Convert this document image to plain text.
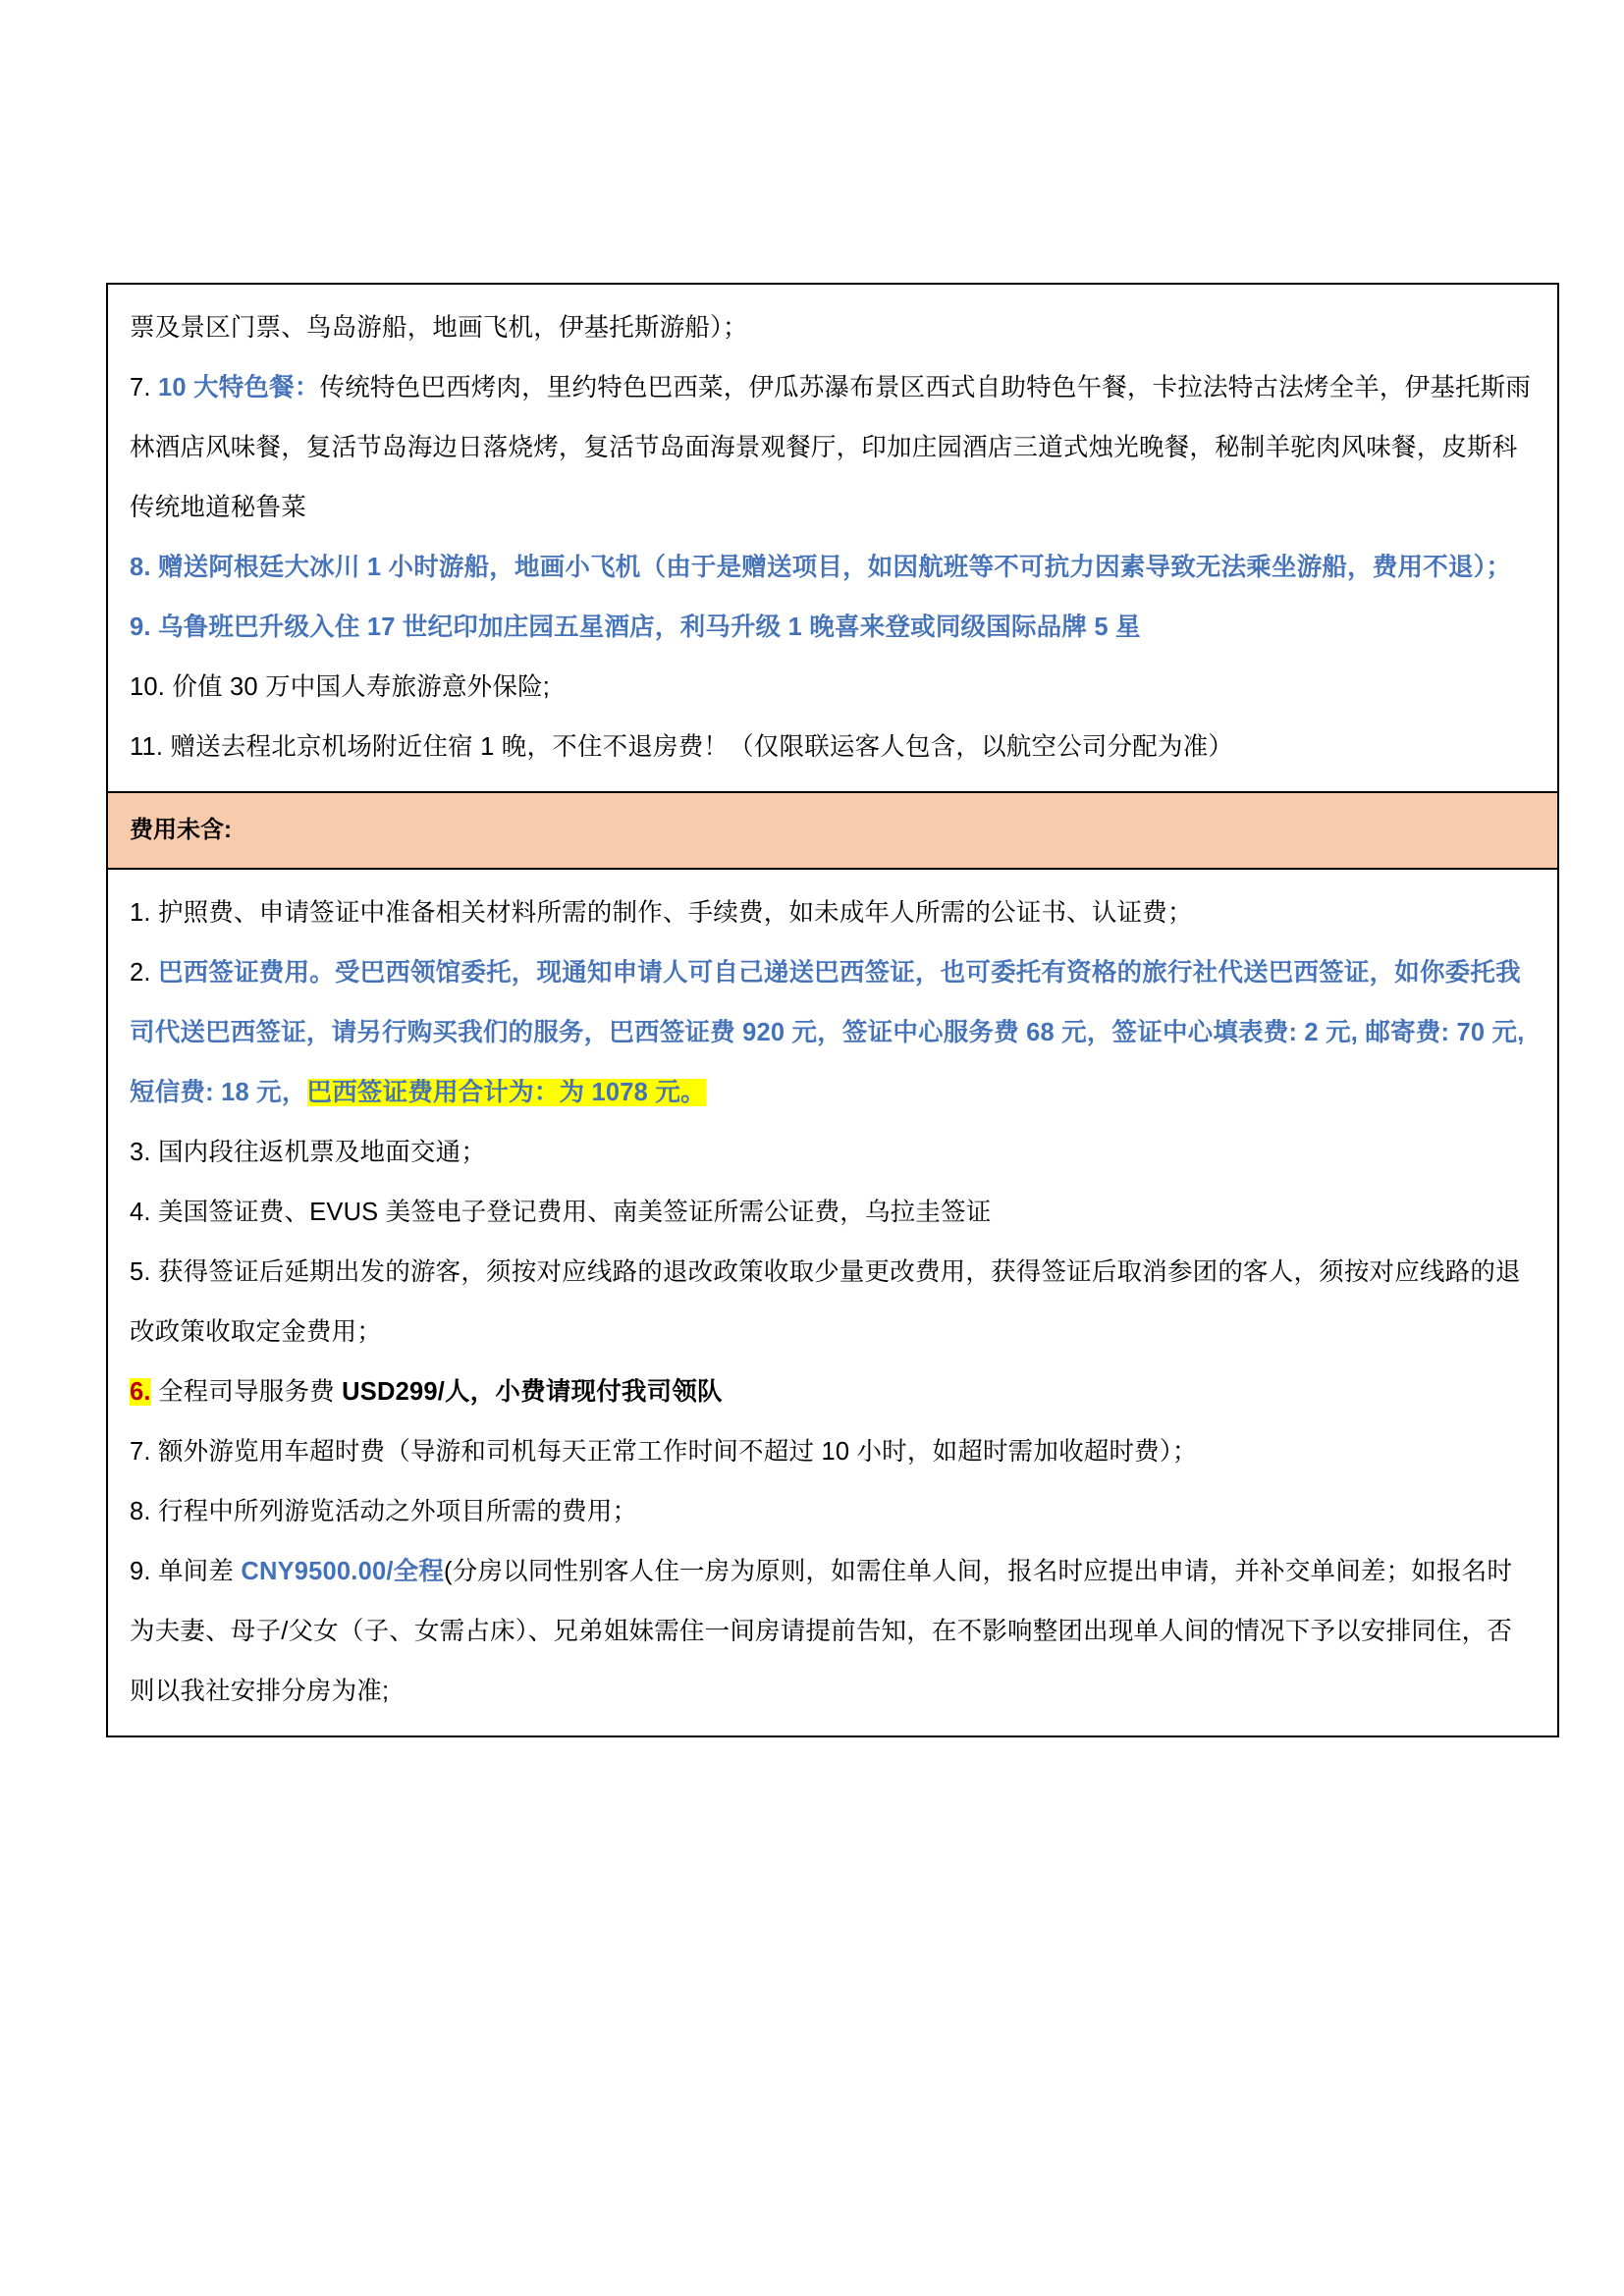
票及景区门票、鸟岛游船，地画飞机，伊基托斯游船）；
7. 10 大特色餐：传统特色巴西烤肉，里约特色巴西菜，伊瓜苏瀑布景区西式自助特色午餐，卡拉法特古法烤全羊，伊基托斯雨林酒店风味餐，复活节岛海边日落烧烤，复活节岛面海景观餐厅，印加庄园酒店三道式烛光晚餐，秘制羊驼肉风味餐，皮斯科传统地道秘鲁菜
8. 赠送阿根廷大冰川 1 小时游船，地画小飞机（由于是赠送项目，如因航班等不可抗力因素导致无法乘坐游船，费用不退）；
9. 乌鲁班巴升级入住 17 世纪印加庄园五星酒店，利马升级 1 晚喜来登或同级国际品牌 5 星
10. 价值 30 万中国人寿旅游意外保险;
11. 赠送去程北京机场附近住宿 1 晚，不住不退房费！（仅限联运客人包含，以航空公司分配为准）
费用未含:
1. 护照费、申请签证中准备相关材料所需的制作、手续费，如未成年人所需的公证书、认证费；
2. 巴西签证费用。受巴西领馆委托，现通知申请人可自己递送巴西签证，也可委托有资格的旅行社代送巴西签证，如你委托我司代送巴西签证，请另行购买我们的服务，巴西签证费 920 元，签证中心服务费 68 元，签证中心填表费: 2 元, 邮寄费: 70 元, 短信费: 18 元，巴西签证费用合计为：为 1078 元。
3. 国内段往返机票及地面交通；
4. 美国签证费、EVUS 美签电子登记费用、南美签证所需公证费，乌拉圭签证
5. 获得签证后延期出发的游客，须按对应线路的退改政策收取少量更改费用，获得签证后取消参团的客人，须按对应线路的退改政策收取定金费用；
6. 全程司导服务费 USD299/人，小费请现付我司领队
7. 额外游览用车超时费（导游和司机每天正常工作时间不超过 10 小时，如超时需加收超时费）；
8. 行程中所列游览活动之外项目所需的费用；
9. 单间差 CNY9500.00/全程(分房以同性别客人住一房为原则，如需住单人间，报名时应提出申请，并补交单间差；如报名时为夫妻、母子/父女（子、女需占床）、兄弟姐妹需住一间房请提前告知，在不影响整团出现单人间的情况下予以安排同住，否则以我社安排分房为准;
